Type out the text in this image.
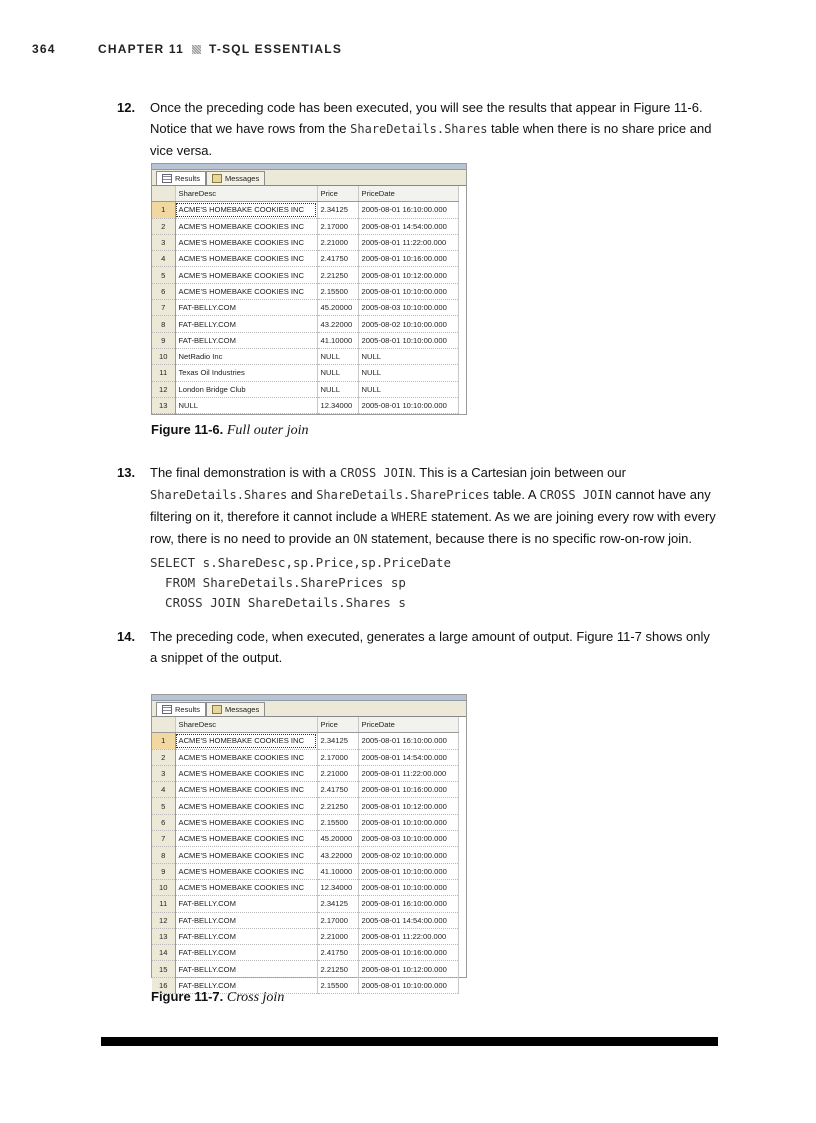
364	CHAPTER 11 T-SQL ESSENTIALS
12. Once the preceding code has been executed, you will see the results that appear in Figure 11-6. Notice that we have rows from the ShareDetails.Shares table when there is no share price and vice versa.
Results	Messages
	ShareDesc	Price	PriceDate
1	ACME'S HOMEBAKE COOKIES INC	2.34125	2005-08-01 16:10:00.000
2	ACME'S HOMEBAKE COOKIES INC	2.17000	2005-08-01 14:54:00.000
3	ACME'S HOMEBAKE COOKIES INC	2.21000	2005-08-01 11:22:00.000
4	ACME'S HOMEBAKE COOKIES INC	2.41750	2005-08-01 10:16:00.000
5	ACME'S HOMEBAKE COOKIES INC	2.21250	2005-08-01 10:12:00.000
6	ACME'S HOMEBAKE COOKIES INC	2.15500	2005-08-01 10:10:00.000
7	FAT-BELLY.COM	45.20000	2005-08-03 10:10:00.000
8	FAT-BELLY.COM	43.22000	2005-08-02 10:10:00.000
9	FAT-BELLY.COM	41.10000	2005-08-01 10:10:00.000
10	NetRadio Inc	NULL	NULL
11	Texas Oil Industries	NULL	NULL
12	London Bridge Club	NULL	NULL
13	NULL	12.34000	2005-08-01 10:10:00.000
Figure 11-6. Full outer join
13. The final demonstration is with a CROSS JOIN. This is a Cartesian join between our ShareDetails.Shares and ShareDetails.SharePrices table. A CROSS JOIN cannot have any filtering on it, therefore it cannot include a WHERE statement. As we are joining every row with every row, there is no need to provide an ON statement, because there is no specific row-on-row join.
SELECT s.ShareDesc,sp.Price,sp.PriceDate
FROM ShareDetails.SharePrices sp
CROSS JOIN ShareDetails.Shares s
14. The preceding code, when executed, generates a large amount of output. Figure 11-7 shows only a snippet of the output.
Results	Messages
	ShareDesc	Price	PriceDate
1	ACME'S HOMEBAKE COOKIES INC	2.34125	2005-08-01 16:10:00.000
2	ACME'S HOMEBAKE COOKIES INC	2.17000	2005-08-01 14:54:00.000
3	ACME'S HOMEBAKE COOKIES INC	2.21000	2005-08-01 11:22:00.000
4	ACME'S HOMEBAKE COOKIES INC	2.41750	2005-08-01 10:16:00.000
5	ACME'S HOMEBAKE COOKIES INC	2.21250	2005-08-01 10:12:00.000
6	ACME'S HOMEBAKE COOKIES INC	2.15500	2005-08-01 10:10:00.000
7	ACME'S HOMEBAKE COOKIES INC	45.20000	2005-08-03 10:10:00.000
8	ACME'S HOMEBAKE COOKIES INC	43.22000	2005-08-02 10:10:00.000
9	ACME'S HOMEBAKE COOKIES INC	41.10000	2005-08-01 10:10:00.000
10	ACME'S HOMEBAKE COOKIES INC	12.34000	2005-08-01 10:10:00.000
11	FAT-BELLY.COM	2.34125	2005-08-01 16:10:00.000
12	FAT-BELLY.COM	2.17000	2005-08-01 14:54:00.000
13	FAT-BELLY.COM	2.21000	2005-08-01 11:22:00.000
14	FAT-BELLY.COM	2.41750	2005-08-01 10:16:00.000
15	FAT-BELLY.COM	2.21250	2005-08-01 10:12:00.000
16	FAT-BELLY.COM	2.15500	2005-08-01 10:10:00.000
Figure 11-7. Cross join
